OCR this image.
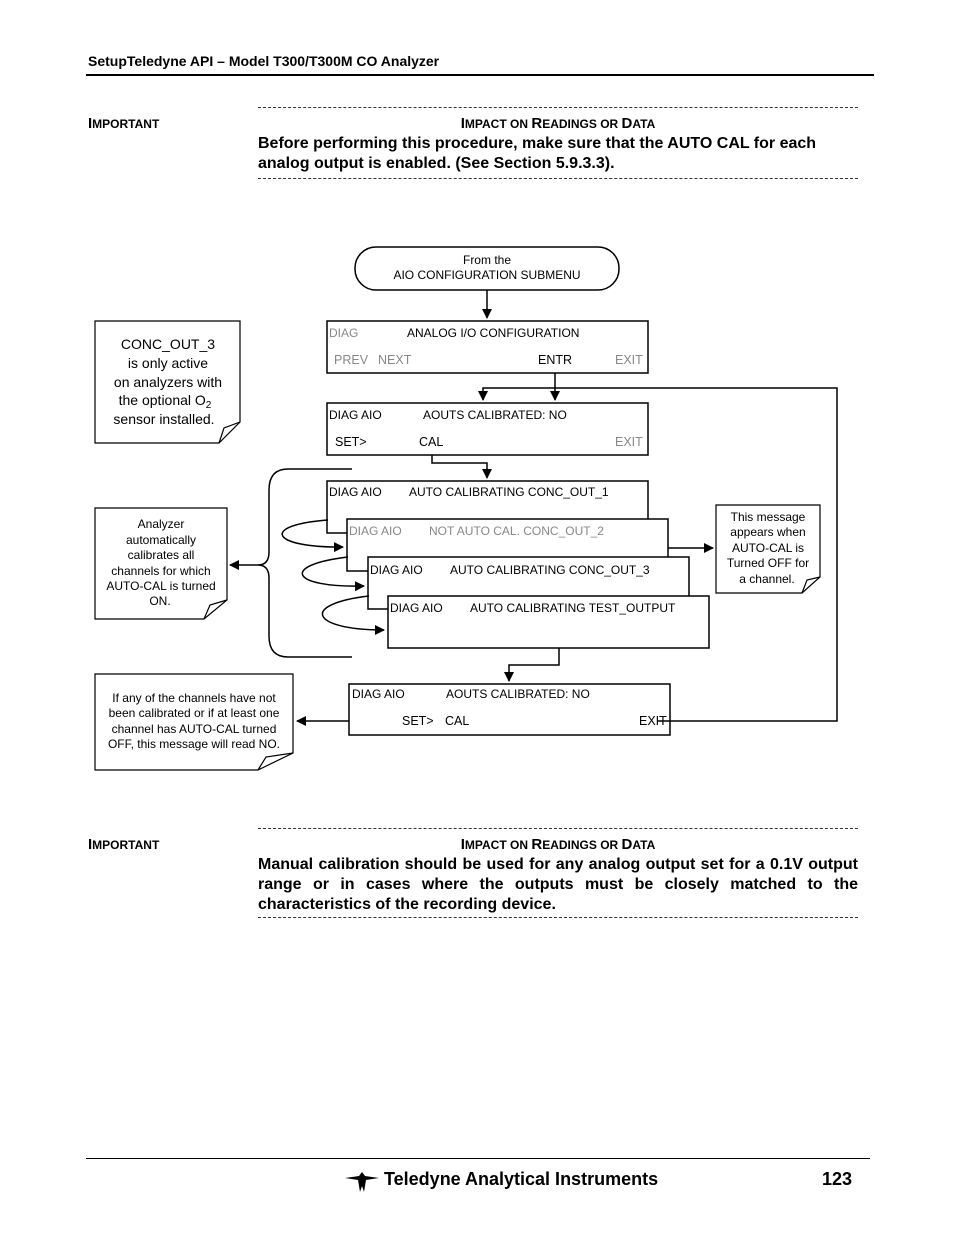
SetupTeledyne API – Model T300/T300M CO Analyzer
IMPORTANT	IMPACT ON READINGS OR DATA
Before performing this procedure, make sure that the AUTO CAL for each analog output is enabled. (See Section 5.9.3.3).
From the
AIO CONFIGURATION SUBMENU
DIAG	ANALOG I/O CONFIGURATION
PREV NEXT	ENTR	EXIT
DIAG AIO	AOUTS CALIBRATED: NO
SET>	CAL	EXIT
DIAG AIO AUTO CALIBRATING CONC_OUT_1
DIAG AIO NOT AUTO CAL. CONC_OUT_2
DIAG AIO AUTO CALIBRATING CONC_OUT_3
DIAG AIO AUTO CALIBRATING TEST_OUTPUT
DIAG AIO	AOUTS CALIBRATED: NO
SET> CAL	EXIT
CONC_OUT_3
is only active
on analyzers with
the optional $O_2$
sensor installed.
Analyzer
automatically
calibrates all
channels for which
AUTO-CAL is turned
ON.
This message
appears when
AUTO-CAL is
Turned OFF for
a channel.
If any of the channels have not
been calibrated or if at least one
channel has AUTO-CAL turned
OFF, this message will read NO.
IMPORTANT	IMPACT ON READINGS OR DATA
Manual calibration should be used for any analog output set for a 0.1V output range or in cases where the outputs must be closely matched to the characteristics of the recording device.
Teledyne Analytical Instruments	123
